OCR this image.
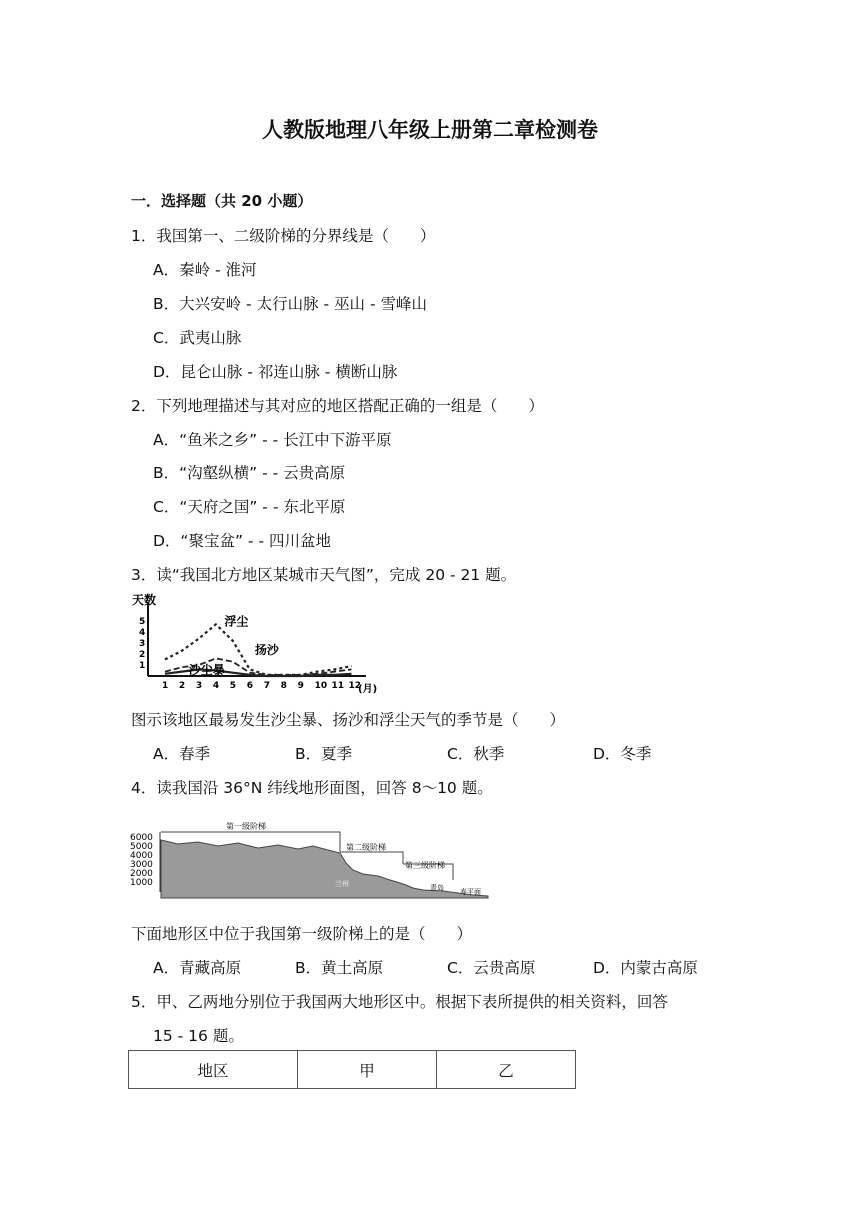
人教版地理八年级上册第二章检测卷
一．选择题（共 20 小题）
1．我国第一、二级阶梯的分界线是（　　）
A．秦岭 - 淮河
B．大兴安岭 - 太行山脉 - 巫山 - 雪峰山
C．武夷山脉
D．昆仑山脉 - 祁连山脉 - 横断山脉
2．下列地理描述与其对应的地区搭配正确的一组是（　　）
A．“鱼米之乡” - - 长江中下游平原
B．“沟壑纵横” - - 云贵高原
C．“天府之国” - - 东北平原
D．“聚宝盆” - - 四川盆地
3．读“我国北方地区某城市天气图”，完成 20 - 21 题。
天数
1 2 3 4 5 6 7 8 9 10 11 12
1
2
3
4
5	浮尘
扬沙
沙尘暴
(月)
图示该地区最易发生沙尘暴、扬沙和浮尘天气的季节是（　　）
A．春季	B．夏季	C．秋季	D．冬季
4．读我国沿 36°N 纬线地形面图，回答 8～10 题。
6000
5000
4000
3000
2000
1000
第一级阶梯
第二级阶梯
第三级阶梯
兰州	青岛 寿平面
下面地形区中位于我国第一级阶梯上的是（　　）
A．青藏高原	B．黄土高原	C．云贵高原	D．内蒙古高原
5．甲、乙两地分别位于我国两大地形区中。根据下表所提供的相关资料，回答
15 - 16 题。
地区	甲	乙
